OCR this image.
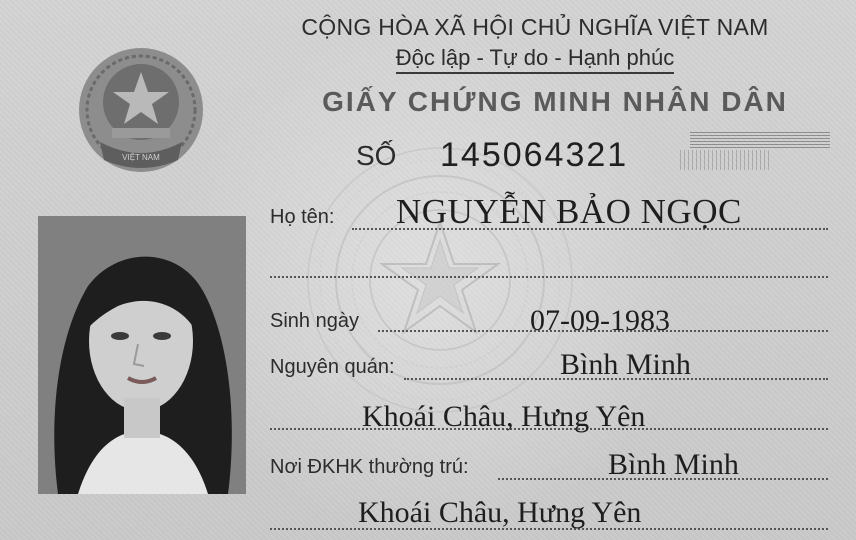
VIỆT NAM
CỘNG HÒA XÃ HỘI CHỦ NGHĨA VIỆT NAM
Độc lập - Tự do - Hạnh phúc
GIẤY CHỨNG MINH NHÂN DÂN
SỐ 145064321
Họ tên: NGUYỄN BẢO NGỌC
Sinh ngày	07-09-1983
Nguyên quán:	Bình Minh
Khoái Châu, Hưng Yên
Nơi ĐKHK thường trú:	Bình Minh
Khoái Châu, Hưng Yên
